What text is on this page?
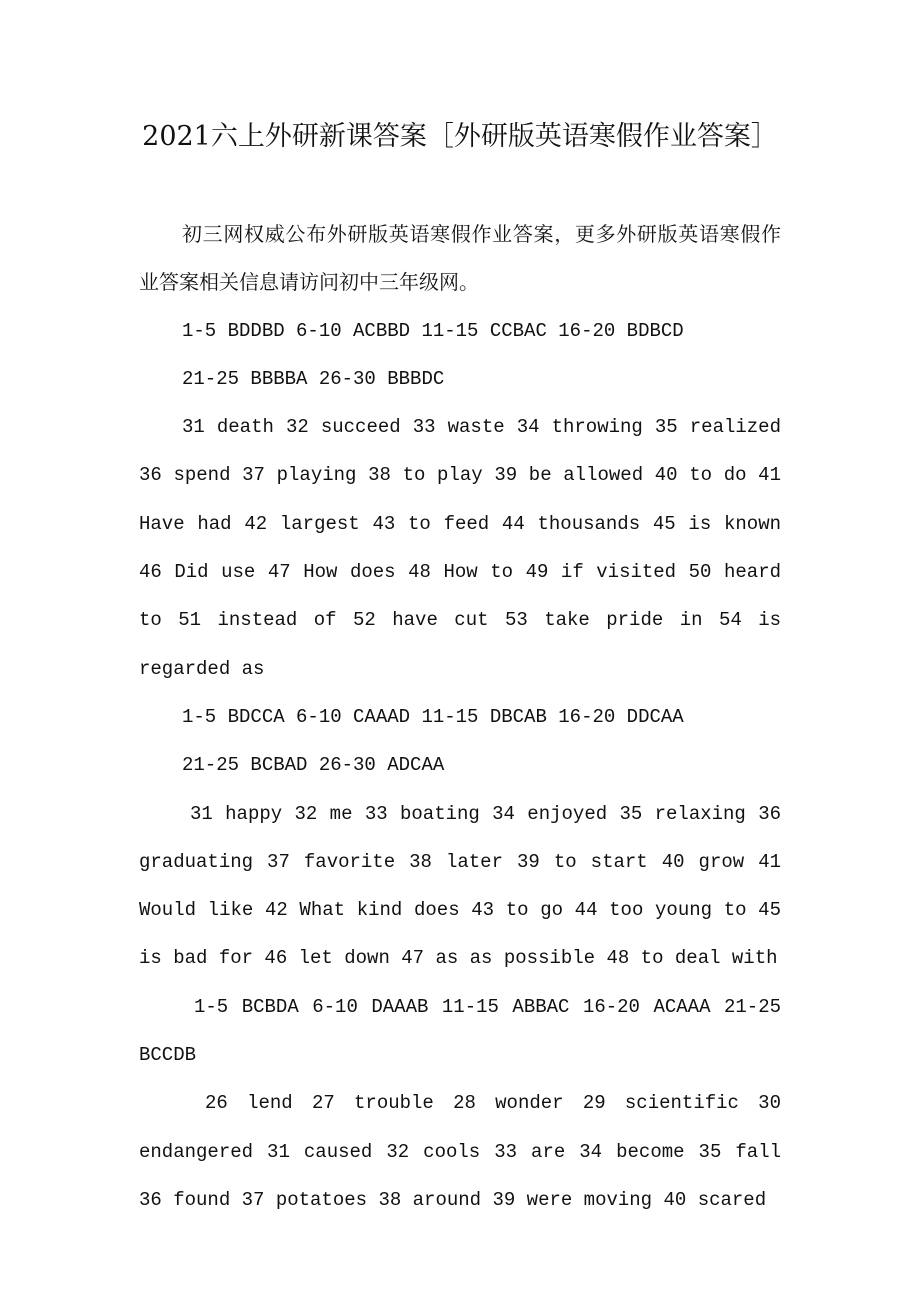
2021六上外研新课答案［外研版英语寒假作业答案］

初三网权威公布外研版英语寒假作业答案，更多外研版英语寒假作业答案相关信息请访问初中三年级网。

1-5 BDDBD 6-10 ACBBD 11-15 CCBAC 16-20 BDBCD

21-25 BBBBA 26-30 BBBDC

31 death 32 succeed 33 waste 34 throwing 35 realized 36 spend 37 playing 38 to play 39 be allowed 40 to do 41 Have had 42 largest 43 to feed 44 thousands 45 is known 46 Did use 47 How does 48 How to 49 if visited 50 heard to 51 instead of 52 have cut 53 take pride in 54 is regarded as

1-5 BDCCA 6-10 CAAAD 11-15 DBCAB 16-20 DDCAA

21-25 BCBAD 26-30 ADCAA

31 happy 32 me 33 boating 34 enjoyed 35 relaxing 36 graduating 37 favorite 38 later 39 to start 40 grow 41 Would like 42 What kind does 43 to go 44 too young to 45 is bad for 46 let down 47 as as possible 48 to deal with

1-5 BCBDA 6-10 DAAAB 11-15 ABBAC 16-20 ACAAA 21-25 BCCDB

26 lend 27 trouble 28 wonder 29 scientific 30 endangered 31 caused 32 cools 33 are 34 become 35 fall 36 found 37 potatoes 38 around 39 were moving 40 scared
